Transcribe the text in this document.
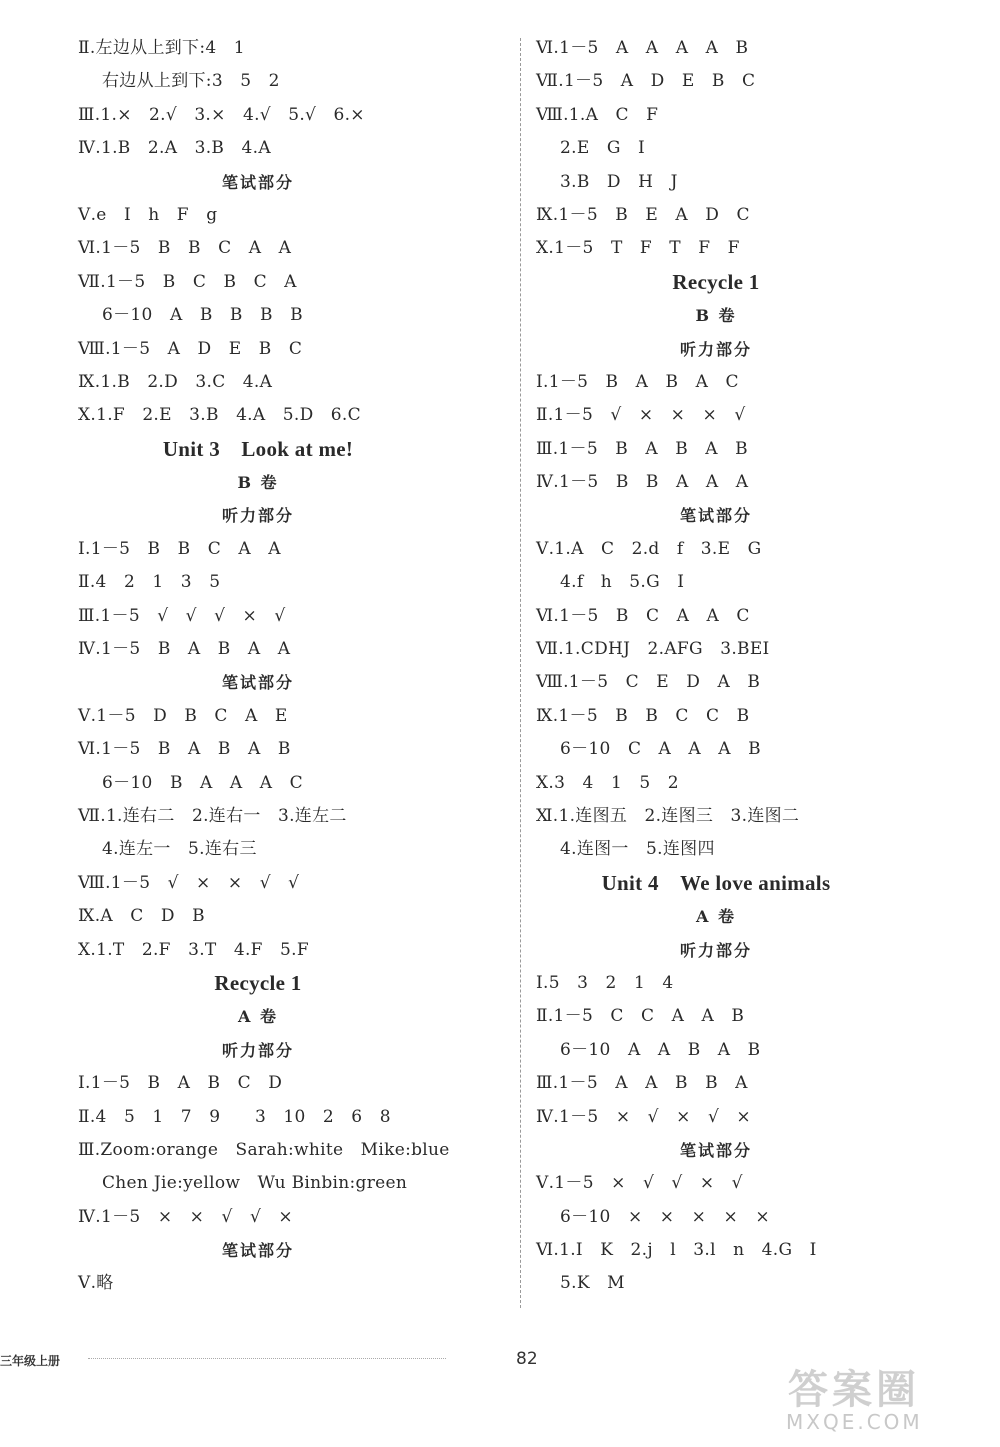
Ⅱ.左边从上到下:4　1
右边从上到下:3　5　2
Ⅲ.1.×　2.√　3.×　4.√　5.√　6.×
Ⅳ.1.B　2.A　3.B　4.A
笔试部分
Ⅴ.e　I　h　F　g
Ⅵ.1－5　B　B　C　A　A
Ⅶ.1－5　B　C　B　C　A
6－10　A　B　B　B　B
Ⅷ.1－5　A　D　E　B　C
Ⅸ.1.B　2.D　3.C　4.A
Ⅹ.1.F　2.E　3.B　4.A　5.D　6.C
Unit 3　Look at me!
B 卷
听力部分
Ⅰ.1－5　B　B　C　A　A
Ⅱ.4　2　1　3　5
Ⅲ.1－5　√　√　√　×　√
Ⅳ.1－5　B　A　B　A　A
笔试部分
Ⅴ.1－5　D　B　C　A　E
Ⅵ.1－5　B　A　B　A　B
6－10　B　A　A　A　C
Ⅶ.1.连右二　2.连右一　3.连左二
4.连左一　5.连右三
Ⅷ.1－5　√　×　×　√　√
Ⅸ.A　C　D　B
Ⅹ.1.T　2.F　3.T　4.F　5.F
Recycle 1
A 卷
听力部分
Ⅰ.1－5　B　A　B　C　D
Ⅱ.4　5　1　7　9　　3　10　2　6　8
Ⅲ.Zoom:orange　Sarah:white　Mike:blue
Chen Jie:yellow　Wu Binbin:green
Ⅳ.1－5　×　×　√　√　×
笔试部分
Ⅴ.略
Ⅵ.1－5　A　A　A　A　B
Ⅶ.1－5　A　D　E　B　C
Ⅷ.1.A　C　F
2.E　G　I
3.B　D　H　J
Ⅸ.1－5　B　E　A　D　C
Ⅹ.1－5　T　F　T　F　F
Recycle 1
B 卷
听力部分
Ⅰ.1－5　B　A　B　A　C
Ⅱ.1－5　√　×　×　×　√
Ⅲ.1－5　B　A　B　A　B
Ⅳ.1－5　B　B　A　A　A
笔试部分
Ⅴ.1.A　C　2.d　f　3.E　G
4.f　h　5.G　I
Ⅵ.1－5　B　C　A　A　C
Ⅶ.1.CDHJ　2.AFG　3.BEI
Ⅷ.1－5　C　E　D　A　B
Ⅸ.1－5　B　B　C　C　B
6－10　C　A　A　A　B
Ⅹ.3　4　1　5　2
Ⅺ.1.连图五　2.连图三　3.连图二
4.连图一　5.连图四
Unit 4　We love animals
A 卷
听力部分
Ⅰ.5　3　2　1　4
Ⅱ.1－5　C　C　A　A　B
6－10　A　A　B　A　B
Ⅲ.1－5　A　A　B　B　A
Ⅳ.1－5　×　√　×　√　×
笔试部分
Ⅴ.1－5　×　√　√　×　√
6－10　×　×　×　×　×
Ⅵ.1.I　K　2.j　l　3.l　n　4.G　I
5.K　M
三年级上册	82
答案圈
MXQE.COM
